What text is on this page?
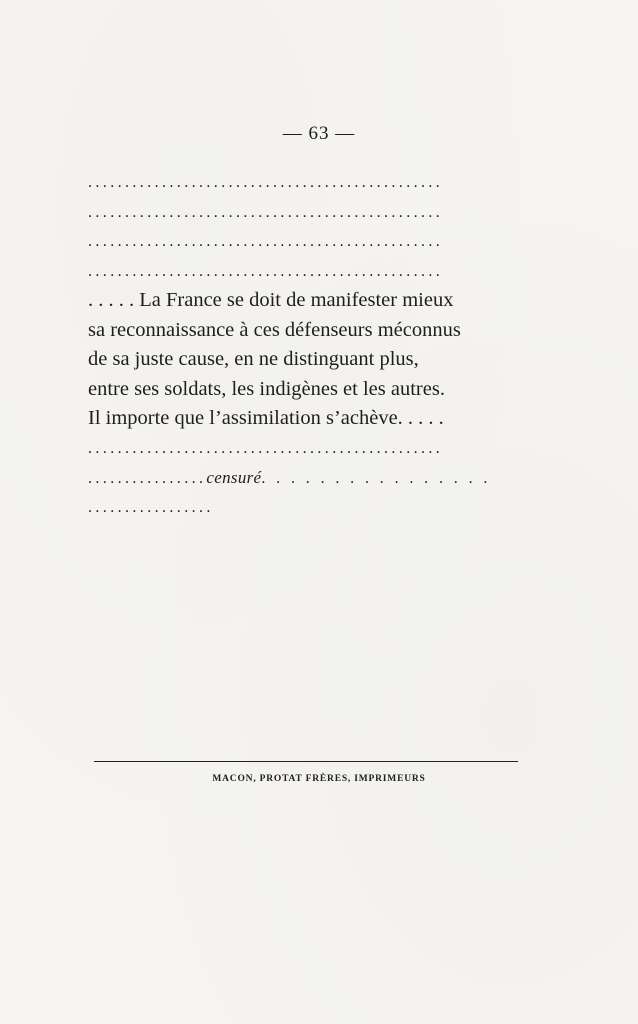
— 63 —
................................................
................................................
................................................
................................................
. . . . . La France se doit de manifester mieux
sa reconnaissance à ces défenseurs méconnus
de sa juste cause, en ne distinguant plus,
entre ses soldats, les indigènes et les autres.
Il importe que l’assimilation s’achève. . . . .
................................................
................censuré. . . . . . . . . . . . . . . .
.................
MACON, PROTAT FRÈRES, IMPRIMEURS
